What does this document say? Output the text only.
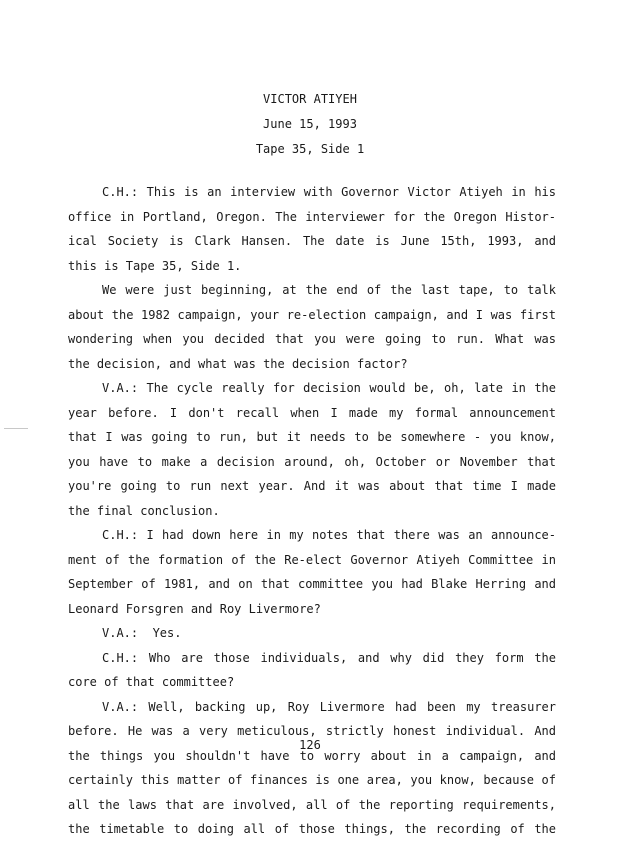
VICTOR ATIYEH
June 15, 1993
Tape 35, Side 1
C.H.: This is an interview with Governor Victor Atiyeh in his
office in Portland, Oregon. The interviewer for the Oregon Histor-
ical Society is Clark Hansen. The date is June 15th, 1993, and
this is Tape 35, Side 1.
We were just beginning, at the end of the last tape, to talk
about the 1982 campaign, your re-election campaign, and I was first
wondering when you decided that you were going to run. What was
the decision, and what was the decision factor?
V.A.: The cycle really for decision would be, oh, late in the
year before. I don't recall when I made my formal announcement
that I was going to run, but it needs to be somewhere - you know,
you have to make a decision around, oh, October or November that
you're going to run next year. And it was about that time I made
the final conclusion.
C.H.: I had down here in my notes that there was an announce-
ment of the formation of the Re-elect Governor Atiyeh Committee in
September of 1981, and on that committee you had Blake Herring and
Leonard Forsgren and Roy Livermore?
V.A.:  Yes.
C.H.: Who are those individuals, and why did they form the
core of that committee?
V.A.: Well, backing up, Roy Livermore had been my treasurer
before. He was a very meticulous, strictly honest individual. And
the things you shouldn't have to worry about in a campaign, and
certainly this matter of finances is one area, you know, because of
all the laws that are involved, all of the reporting requirements,
the timetable to doing all of those things, the recording of the
126
